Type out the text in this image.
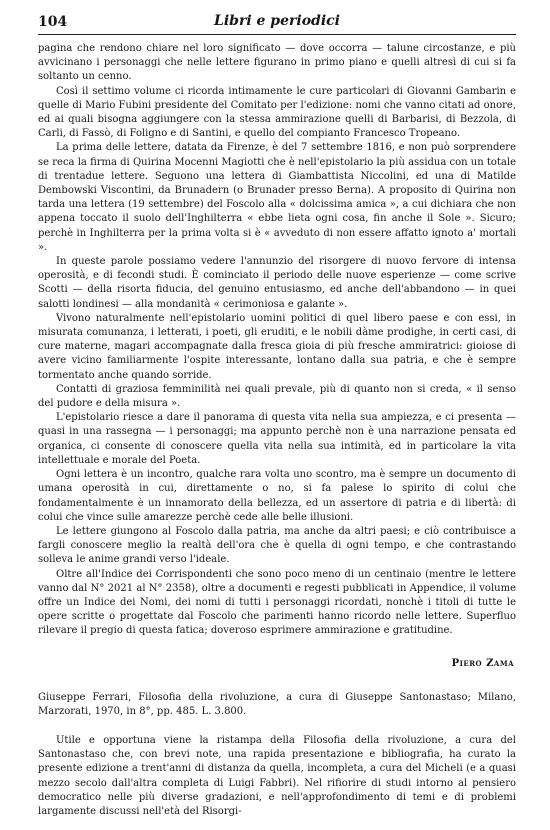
104	Libri e periodici

pagina che rendono chiare nel loro significato — dove occorra — talune circostanze, e più avvicinano i personaggi che nelle lettere figurano in primo piano e quelli altresì di cui si fa soltanto un cenno.

Così il settimo volume ci ricorda intimamente le cure particolari di Giovanni Gambarin e quelle di Mario Fubini presidente del Comitato per l'edizione: nomi che vanno citati ad onore, ed ai quali bisogna aggiungere con la stessa ammirazione quelli di Barbarisi, di Bezzola, di Carli, di Fassò, di Foligno e di Santini, e quello del compianto Francesco Tropeano.

La prima delle lettere, datata da Firenze, è del 7 settembre 1816, e non può sorprendere se reca la firma di Quirina Mocenni Magiotti che è nell'epistolario la più assidua con un totale di trentadue lettere. Seguono una lettera di Giambattista Niccolini, ed una di Matilde Dembowski Viscontini, da Brunadern (o Brunader presso Berna). A proposito di Quirina non tarda una lettera (19 settembre) del Foscolo alla « dolcissima amica », a cui dichiara che non appena toccato il suolo dell'Inghilterra « ebbe lieta ogni cosa, fin anche il Sole ». Sicuro; perchè in Inghilterra per la prima volta si è « avveduto di non essere affatto ignoto a' mortali ».

In queste parole possiamo vedere l'annunzio del risorgere di nuovo fervore di intensa operosità, e di fecondi studi. È cominciato il periodo delle nuove esperienze — come scrive Scotti — della risorta fiducia, del genuino entusiasmo, ed anche dell'abbandono — in quei salotti londinesi — alla mondanità « cerimoniosa e galante ».

Vivono naturalmente nell'epistolario uomini politici di quel libero paese e con essi, in misurata comunanza, i letterati, i poeti, gli eruditi, e le nobili dàme prodighe, in certi casi, di cure materne, magari accompagnate dalla fresca gioia di più fresche ammiratrici: gioiose di avere vicino familiarmente l'ospite interessante, lontano dalla sua patria, e che è sempre tormentato anche quando sorride.

Contatti di graziosa femminilità nei quali prevale, più di quanto non si creda, « il senso del pudore e della misura ».

L'epistolario riesce a dare il panorama di questa vita nella sua ampiezza, e ci presenta — quasi in una rassegna — i personaggi; ma appunto perchè non è una narrazione pensata ed organica, ci consente di conoscere quella vita nella sua intimità, ed in particolare la vita intellettuale e morale del Poeta.

Ogni lettera è un incontro, qualche rara volta uno scontro, ma è sempre un documento di umana operosità in cui, direttamente o no, si fa palese lo spirito di colui che fondamentalmente è un innamorato della bellezza, ed un assertore di patria e di libertà: di colui che vince sulle amarezze perchè cede alle belle illusioni.

Le lettere giungono al Foscolo dalla patria, ma anche da altri paesi; e ciò contribuisce a fargli conoscere meglio la realtà dell'ora che è quella di ogni tempo, e che contrastando solleva le anime grandi verso l'ideale.

Oltre all'Indice dei Corrispondenti che sono poco meno di un centinaio (mentre le lettere vanno dal N° 2021 al N° 2358), oltre a documenti e regesti pubblicati in Appendice, il volume offre un Indice dei Nomi, dei nomi di tutti i personaggi ricordati, nonchè i titoli di tutte le opere scritte o progettate dal Foscolo che parimenti hanno ricordo nelle lettere. Superfluo rilevare il pregio di questa fatica; doveroso esprimere ammirazione e gratitudine.

Piero Zama
Giuseppe Ferrari, Filosofia della rivoluzione, a cura di Giuseppe Santonastaso; Milano, Marzorati, 1970, in 8°, pp. 485. L. 3.800.

Utile e opportuna viene la ristampa della Filosofia della rivoluzione, a cura del Santonastaso che, con brevi note, una rapida presentazione e bibliografia, ha curato la presente edizione a trent'anni di distanza da quella, incompleta, a cura del Micheli (e a quasi mezzo secolo dall'altra completa di Luigi Fabbri). Nel rifiorire di studi intorno al pensiero democratico nelle più diverse gradazioni, e nell'approfondimento di temi e di problemi largamente discussi nell'età del Risorgi-
